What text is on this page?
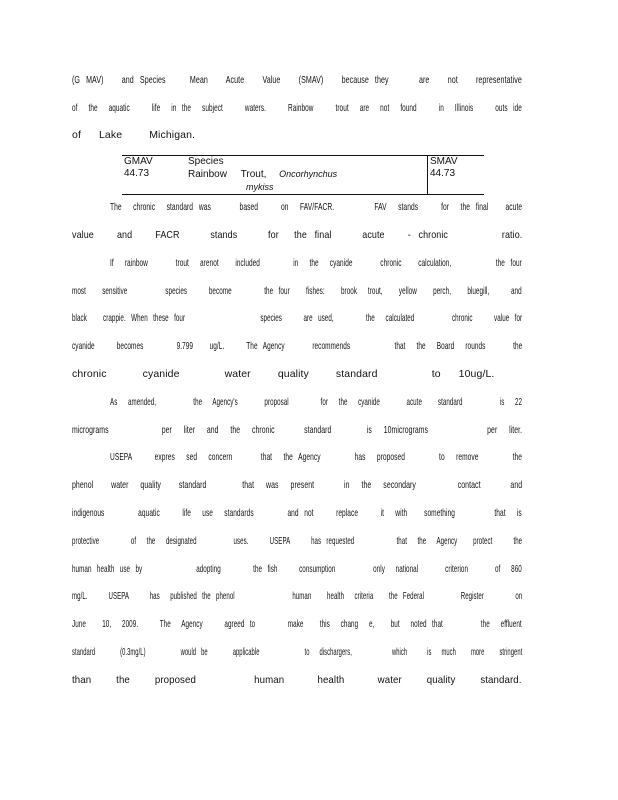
(G MAV)   and Species    Mean   Acute   Value   (SMAV)   because they     are   not   representative
of  the  aquatic    life  in the  subject    waters.    Rainbow    trout  are  not  found    in  Illinois    outs ide
of  Lake   Michigan.
GMAV	Species	SMAV
44.73	Rainbow     Trout, Oncorhynchus mykiss	44.73
The  chronic  standard was     based    on  FAV/FACR.       FAV  stands    for  the final   acute
value   and   FACR    stands    for  the final    acute   - chronic       ratio.
If  rainbow     trout  arenot   included      in  the  cyanide     chronic   calculation,        the four
most   sensitive       species    become      the four   fishes:   brook  trout,   yellow   perch,   bluegill,    and
black   crappie. When these four              species    are used,      the  calculated       chronic    value for
cyanide    becomes      9.799   ug/L.    The Agency     recommends        that  the  Board  rounds     the
chronic    cyanide     water   quality   standard      to  10ug/L.
As  amended,       the  Agency's     proposal      for  the  cyanide     acute   standard       is  22
micrograms         per  liter  and  the  chronic     standard      is  10micrograms          per  liter.
USEPA    expres  sed  concern     that  the Agency      has  proposed      to  remove      the
phenol   water  quality   standard      that  was  present     in  the  secondary       contact     and
indigenous      aquatic    life  use  standards      and not    replace    it  with   something       that  is
protective      of  the  designated       uses.    USEPA    has requested        that  the  Agency   protect    the
human health use by          adopting      the fish    consumption       only  national     criterion     of  860
mg/L.    USEPA    has  published the phenol           human   health  criteria   the Federal       Register      on
June   10,  2009.    The  Agency    agreed to      make   this  chang  e,   but  noted that       the  effluent
standard     (0.3mg/L)       would be     applicable         to  dischargers,        which    is  much   more   stringent
than   the   proposed       human    health    water   quality   standard.
